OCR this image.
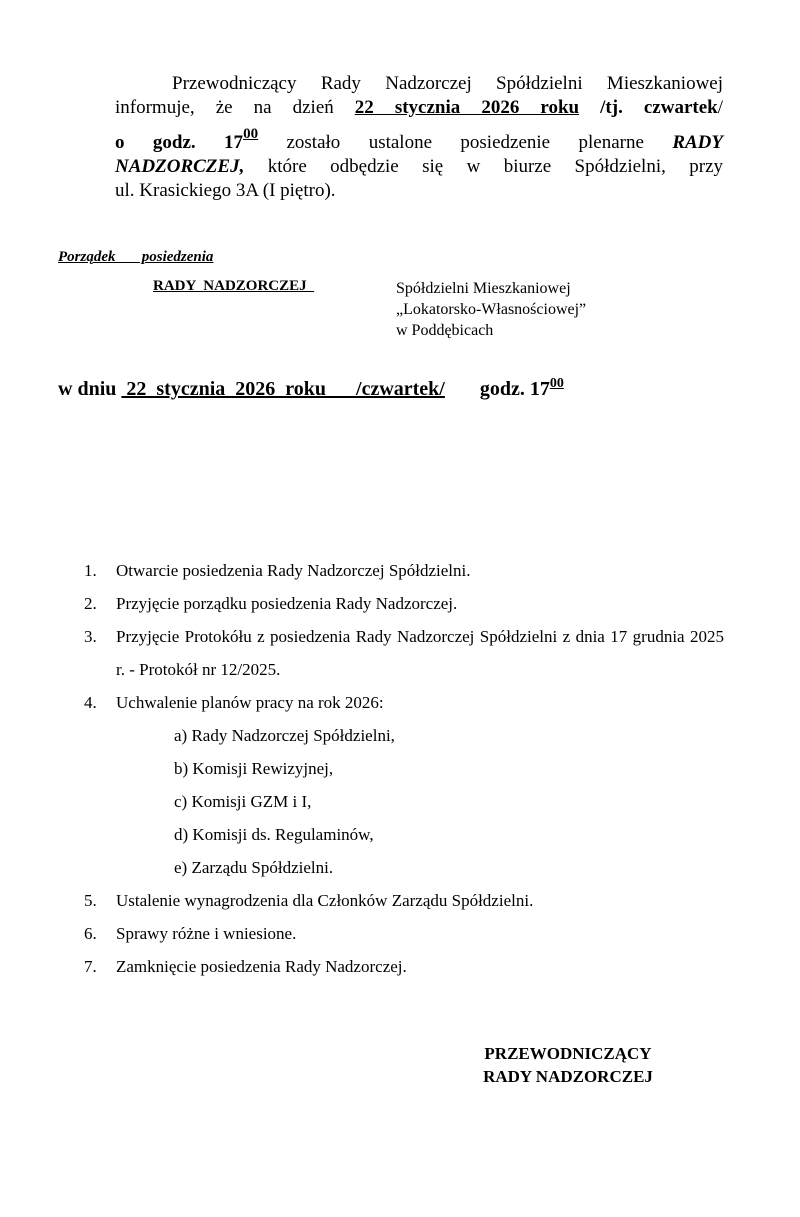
Przewodniczący Rady Nadzorczej Spółdzielni Mieszkaniowej

informuje, że na dzień 22 stycznia 2026 roku /tj. czwartek/

o godz. $17^{00}$ zostało ustalone posiedzenie plenarne RADY

NADZORCZEJ, które odbędzie się w biurze Spółdzielni, przy

ul. Krasickiego 3A (I piętro).

Porządek       posiedzenia
RADY  NADZORCZEJ	Spółdzielni Mieszkaniowej
„Lokatorsko-Własnościowej”
w Poddębicach
w dniu  22  stycznia  2026  roku      /czwartek/ godz. $17^{00}$
1. Otwarcie posiedzenia Rady Nadzorczej Spółdzielni.
2. Przyjęcie porządku posiedzenia Rady Nadzorczej.
3. Przyjęcie Protokółu z posiedzenia Rady Nadzorczej Spółdzielni z dnia 17 grudnia 2025 r. - Protokół nr 12/2025.
4. Uchwalenie planów pracy na rok 2026:
a) Rady Nadzorczej Spółdzielni,
b) Komisji Rewizyjnej,
c) Komisji GZM i I,
d) Komisji ds. Regulaminów,
e) Zarządu Spółdzielni.
5. Ustalenie wynagrodzenia dla Członków Zarządu Spółdzielni.
6. Sprawy różne i wniesione.
7. Zamknięcie posiedzenia Rady Nadzorczej.
PRZEWODNICZĄCY
RADY NADZORCZEJ
